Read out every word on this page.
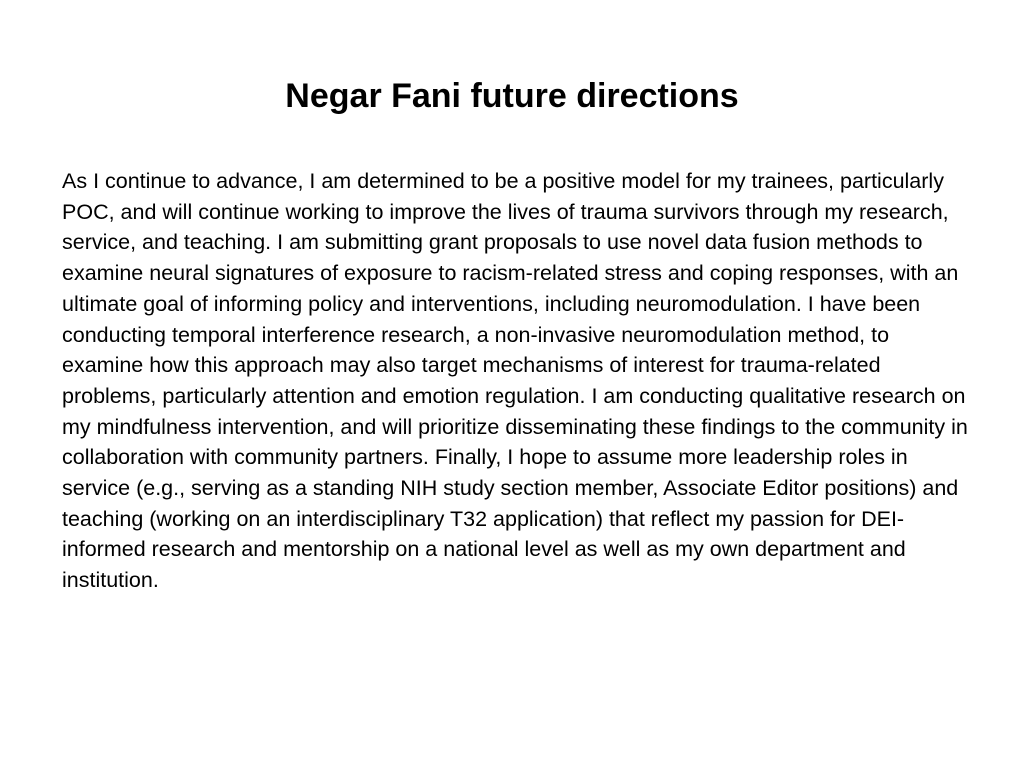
Negar Fani future directions

As I continue to advance, I am determined to be a positive model for my trainees, particularly POC, and will continue working to improve the lives of trauma survivors through my research, service, and teaching. I am submitting grant proposals to use novel data fusion methods to examine neural signatures of exposure to racism-related stress and coping responses, with an ultimate goal of informing policy and interventions, including neuromodulation. I have been conducting temporal interference research, a non-invasive neuromodulation method, to examine how this approach may also target mechanisms of interest for trauma-related problems, particularly attention and emotion regulation. I am conducting qualitative research on my mindfulness intervention, and will prioritize disseminating these findings to the community in collaboration with community partners. Finally, I hope to assume more leadership roles in service (e.g., serving as a standing NIH study section member, Associate Editor positions) and teaching (working on an interdisciplinary T32 application) that reflect my passion for DEI-informed research and mentorship on a national level as well as my own department and institution.
